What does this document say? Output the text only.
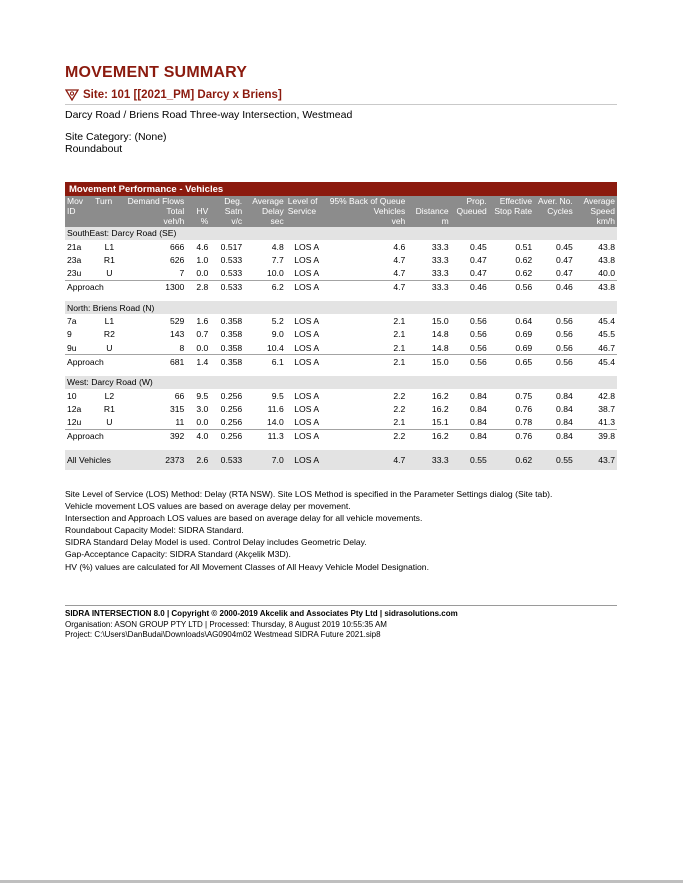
MOVEMENT SUMMARY
Site: 101 [[2021_PM] Darcy x Briens]
Darcy Road / Briens Road Three-way Intersection, Westmead
Site Category: (None)
Roundabout
Movement Performance - Vehicles												
Mov	Turn	Demand Flows		Deg.	Average	Level of	95% Back of Queue		Prop.	Effective	Aver. No.	Average
ID		Total	HV	Satn	Delay	Service	Vehicles	Distance	Queued	Stop Rate	Cycles	Speed
		veh/h	%	v/c	sec		veh	m				km/h
SouthEast: Darcy Road (SE)												
21a	L1	666	4.6	0.517	4.8	LOS A	4.6	33.3	0.45	0.51	0.45	43.8
23a	R1	626	1.0	0.533	7.7	LOS A	4.7	33.3	0.47	0.62	0.47	43.8
23u	U	7	0.0	0.533	10.0	LOS A	4.7	33.3	0.47	0.62	0.47	40.0
Approach		1300	2.8	0.533	6.2	LOS A	4.7	33.3	0.46	0.56	0.46	43.8

North: Briens Road (N)												
7a	L1	529	1.6	0.358	5.2	LOS A	2.1	15.0	0.56	0.64	0.56	45.4
9	R2	143	0.7	0.358	9.0	LOS A	2.1	14.8	0.56	0.69	0.56	45.5
9u	U	8	0.0	0.358	10.4	LOS A	2.1	14.8	0.56	0.69	0.56	46.7
Approach		681	1.4	0.358	6.1	LOS A	2.1	15.0	0.56	0.65	0.56	45.4

West: Darcy Road (W)												
10	L2	66	9.5	0.256	9.5	LOS A	2.2	16.2	0.84	0.75	0.84	42.8
12a	R1	315	3.0	0.256	11.6	LOS A	2.2	16.2	0.84	0.76	0.84	38.7
12u	U	11	0.0	0.256	14.0	LOS A	2.1	15.1	0.84	0.78	0.84	41.3
Approach		392	4.0	0.256	11.3	LOS A	2.2	16.2	0.84	0.76	0.84	39.8

All Vehicles		2373	2.6	0.533	7.0	LOS A	4.7	33.3	0.55	0.62	0.55	43.7
Site Level of Service (LOS) Method: Delay (RTA NSW). Site LOS Method is specified in the Parameter Settings dialog (Site tab).
Vehicle movement LOS values are based on average delay per movement.
Intersection and Approach LOS values are based on average delay for all vehicle movements.
Roundabout Capacity Model: SIDRA Standard.
SIDRA Standard Delay Model is used. Control Delay includes Geometric Delay.
Gap-Acceptance Capacity: SIDRA Standard (Akçelik M3D).
HV (%) values are calculated for All Movement Classes of All Heavy Vehicle Model Designation.
SIDRA INTERSECTION 8.0 | Copyright © 2000-2019 Akcelik and Associates Pty Ltd | sidrasolutions.com
Organisation: ASON GROUP PTY LTD | Processed: Thursday, 8 August 2019 10:55:35 AM
Project: C:\Users\DanBudai\Downloads\AG0904m02 Westmead SIDRA Future 2021.sip8
